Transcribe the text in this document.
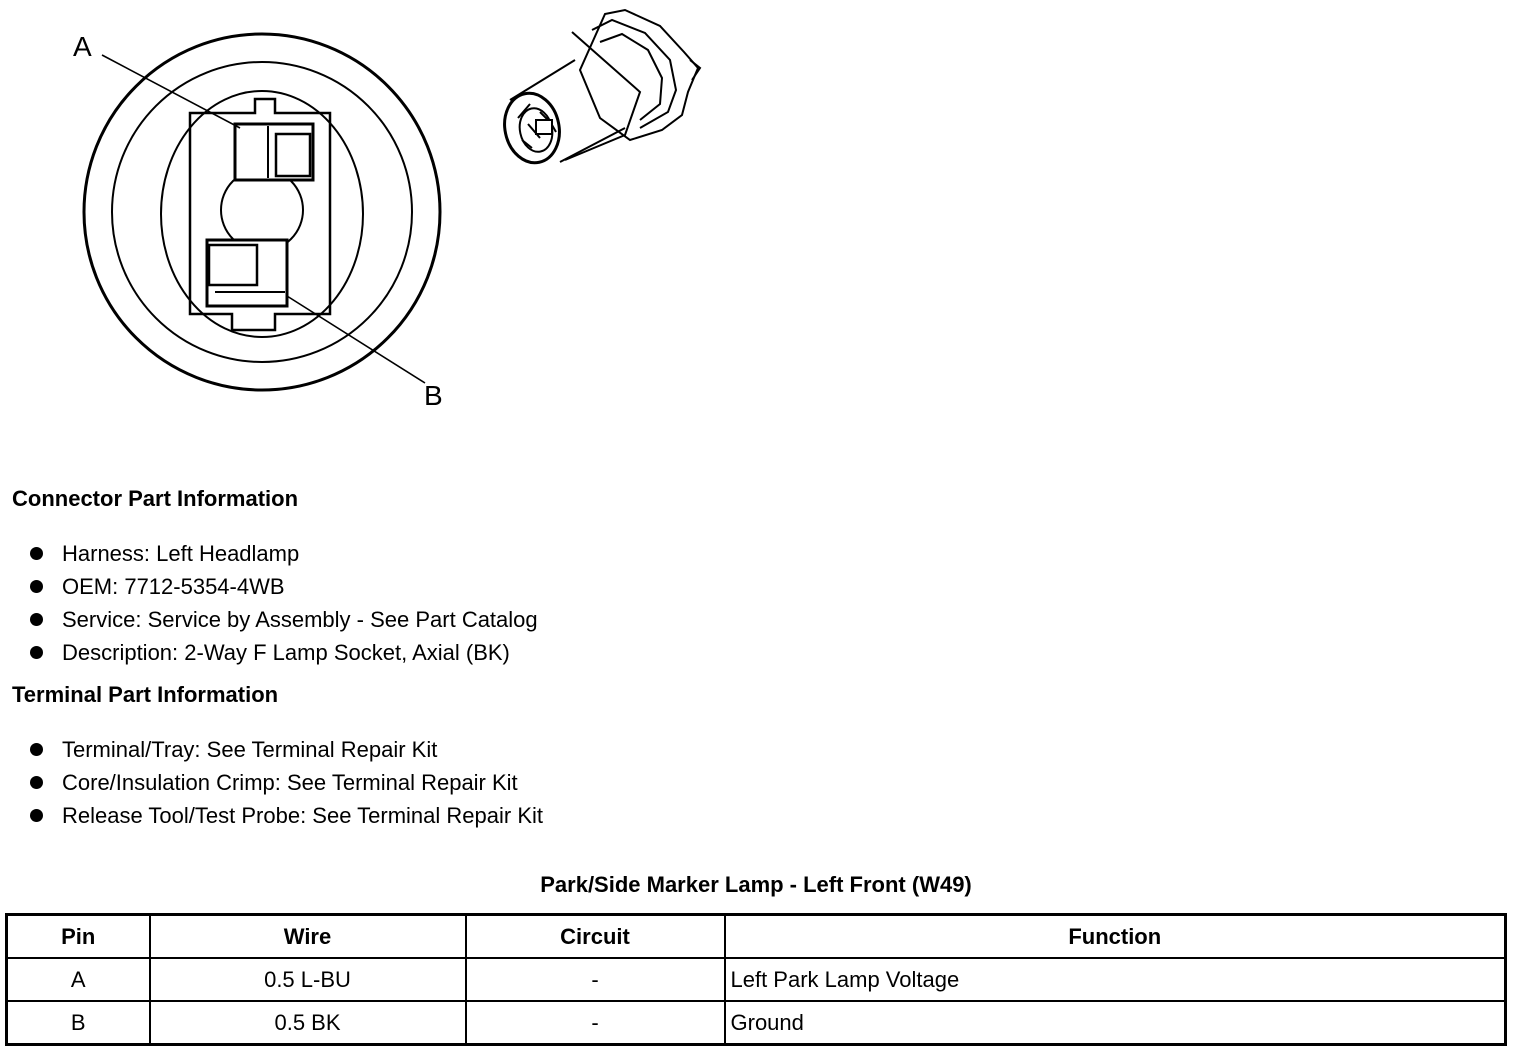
A
B
Connector Part Information
Harness: Left Headlamp
OEM: 7712-5354-4WB
Service: Service by Assembly - See Part Catalog
Description: 2-Way F Lamp Socket, Axial (BK)
Terminal Part Information
Terminal/Tray: See Terminal Repair Kit
Core/Insulation Crimp: See Terminal Repair Kit
Release Tool/Test Probe: See Terminal Repair Kit
Park/Side Marker Lamp - Left Front (W49)
Pin	Wire	Circuit	Function
A	0.5 L-BU	-	Left Park Lamp Voltage
B	0.5 BK	-	Ground
